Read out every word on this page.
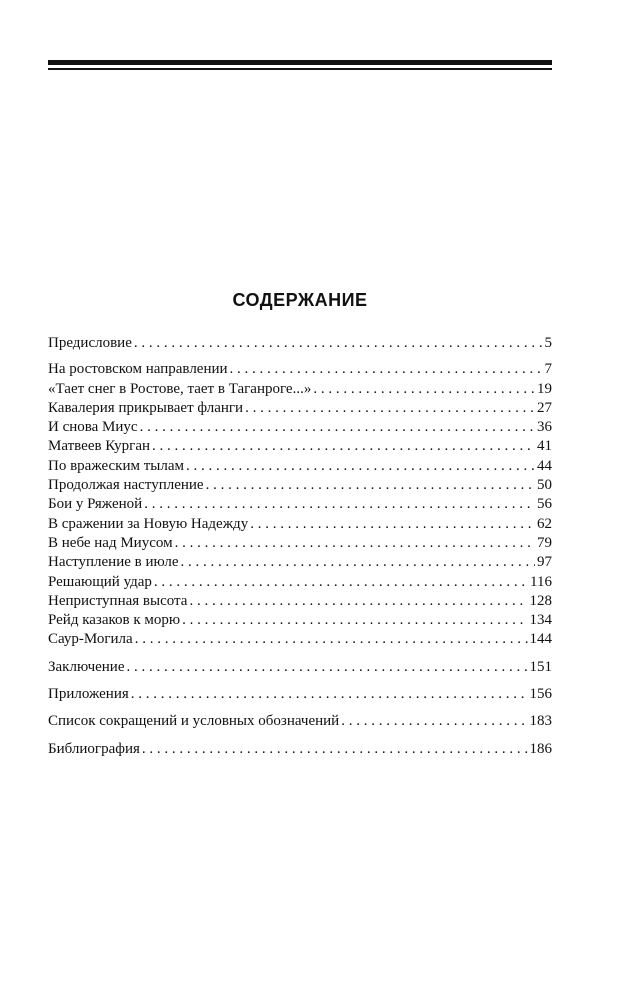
СОДЕРЖАНИЕ
Предисловие . . .	5
На ростовском направлении . . .	7
«Тает снег в Ростове, тает в Таганроге...» . . .	19
Кавалерия прикрывает фланги . . .	27
И снова Миус . . .	36
Матвеев Курган . . .	41
По вражеским тылам . . .	44
Продолжая наступление . . .	50
Бои у Ряженой . . .	56
В сражении за Новую Надежду . . .	62
В небе над Миусом . . .	79
Наступление в июле . . .	97
Решающий удар . . .	116
Неприступная высота . . .	128
Рейд казаков к морю . . .	134
Саур-Могила . . .	144
Заключение . . .	151
Приложения . . .	156
Список сокращений и условных обозначений . . .	183
Библиография . . .	186
